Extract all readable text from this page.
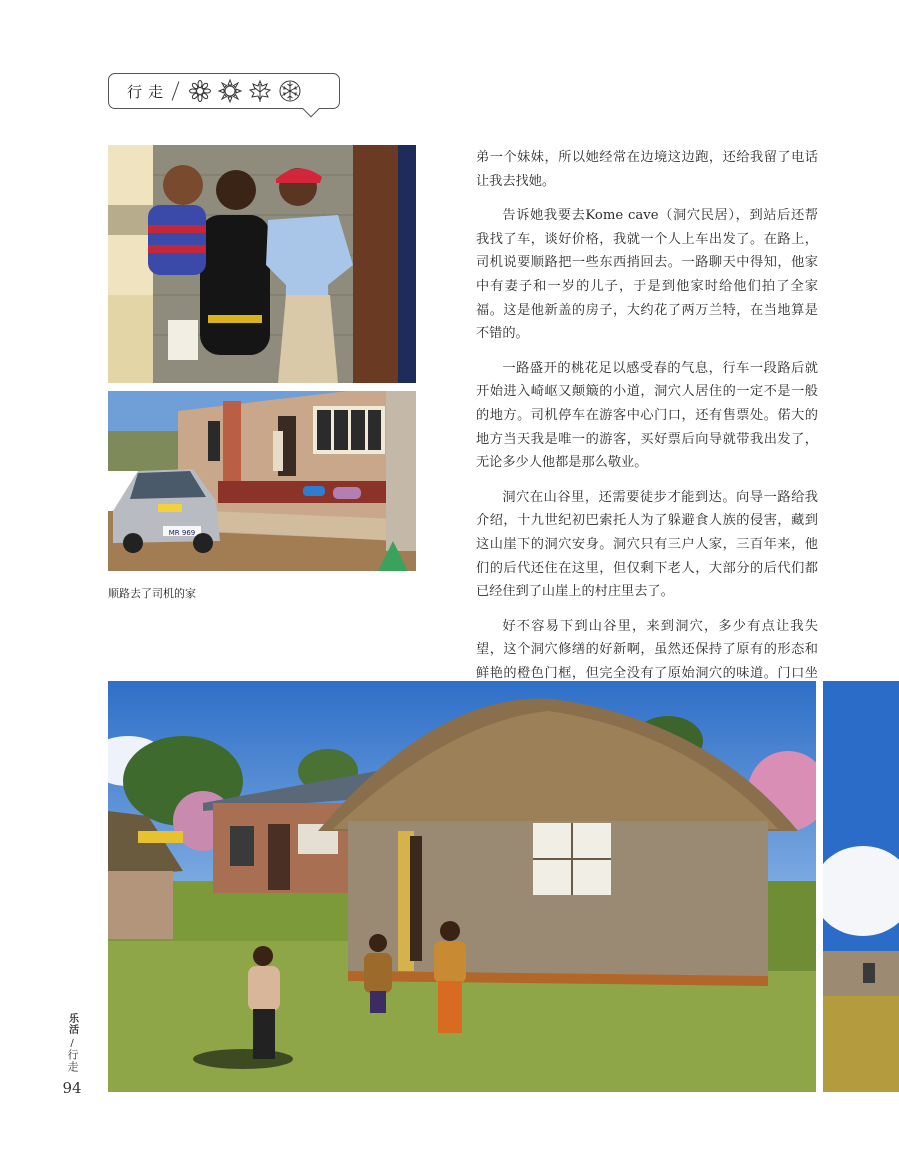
行走
MR 969
顺路去了司机的家

弟一个妹妹，所以她经常在边境这边跑，还给我留了电话让我去找她。

告诉她我要去Kome cave（洞穴民居），到站后还帮我找了车，谈好价格，我就一个人上车出发了。在路上，司机说要顺路把一些东西捎回去。一路聊天中得知，他家中有妻子和一岁的儿子，于是到他家时给他们拍了全家福。这是他新盖的房子，大约花了两万兰特，在当地算是不错的。

一路盛开的桃花足以感受春的气息，行车一段路后就开始进入崎岖又颠簸的小道，洞穴人居住的一定不是一般的地方。司机停车在游客中心门口，还有售票处。偌大的地方当天我是唯一的游客，买好票后向导就带我出发了，无论多少人他都是那么敬业。

洞穴在山谷里，还需要徒步才能到达。向导一路给我介绍，十九世纪初巴索托人为了躲避食人族的侵害，藏到这山崖下的洞穴安身。洞穴只有三户人家，三百年来，他们的后代还住在这里，但仅剩下老人，大部分的后代们都已经住到了山崖上的村庄里去了。

好不容易下到山谷里，来到洞穴，多少有点让我失望，这个洞穴修缮的好新啊，虽然还保持了原有的形态和鲜艳的橙色门框，但完全没有了原始洞穴的味道。门口坐

乐活
/
行走
94
